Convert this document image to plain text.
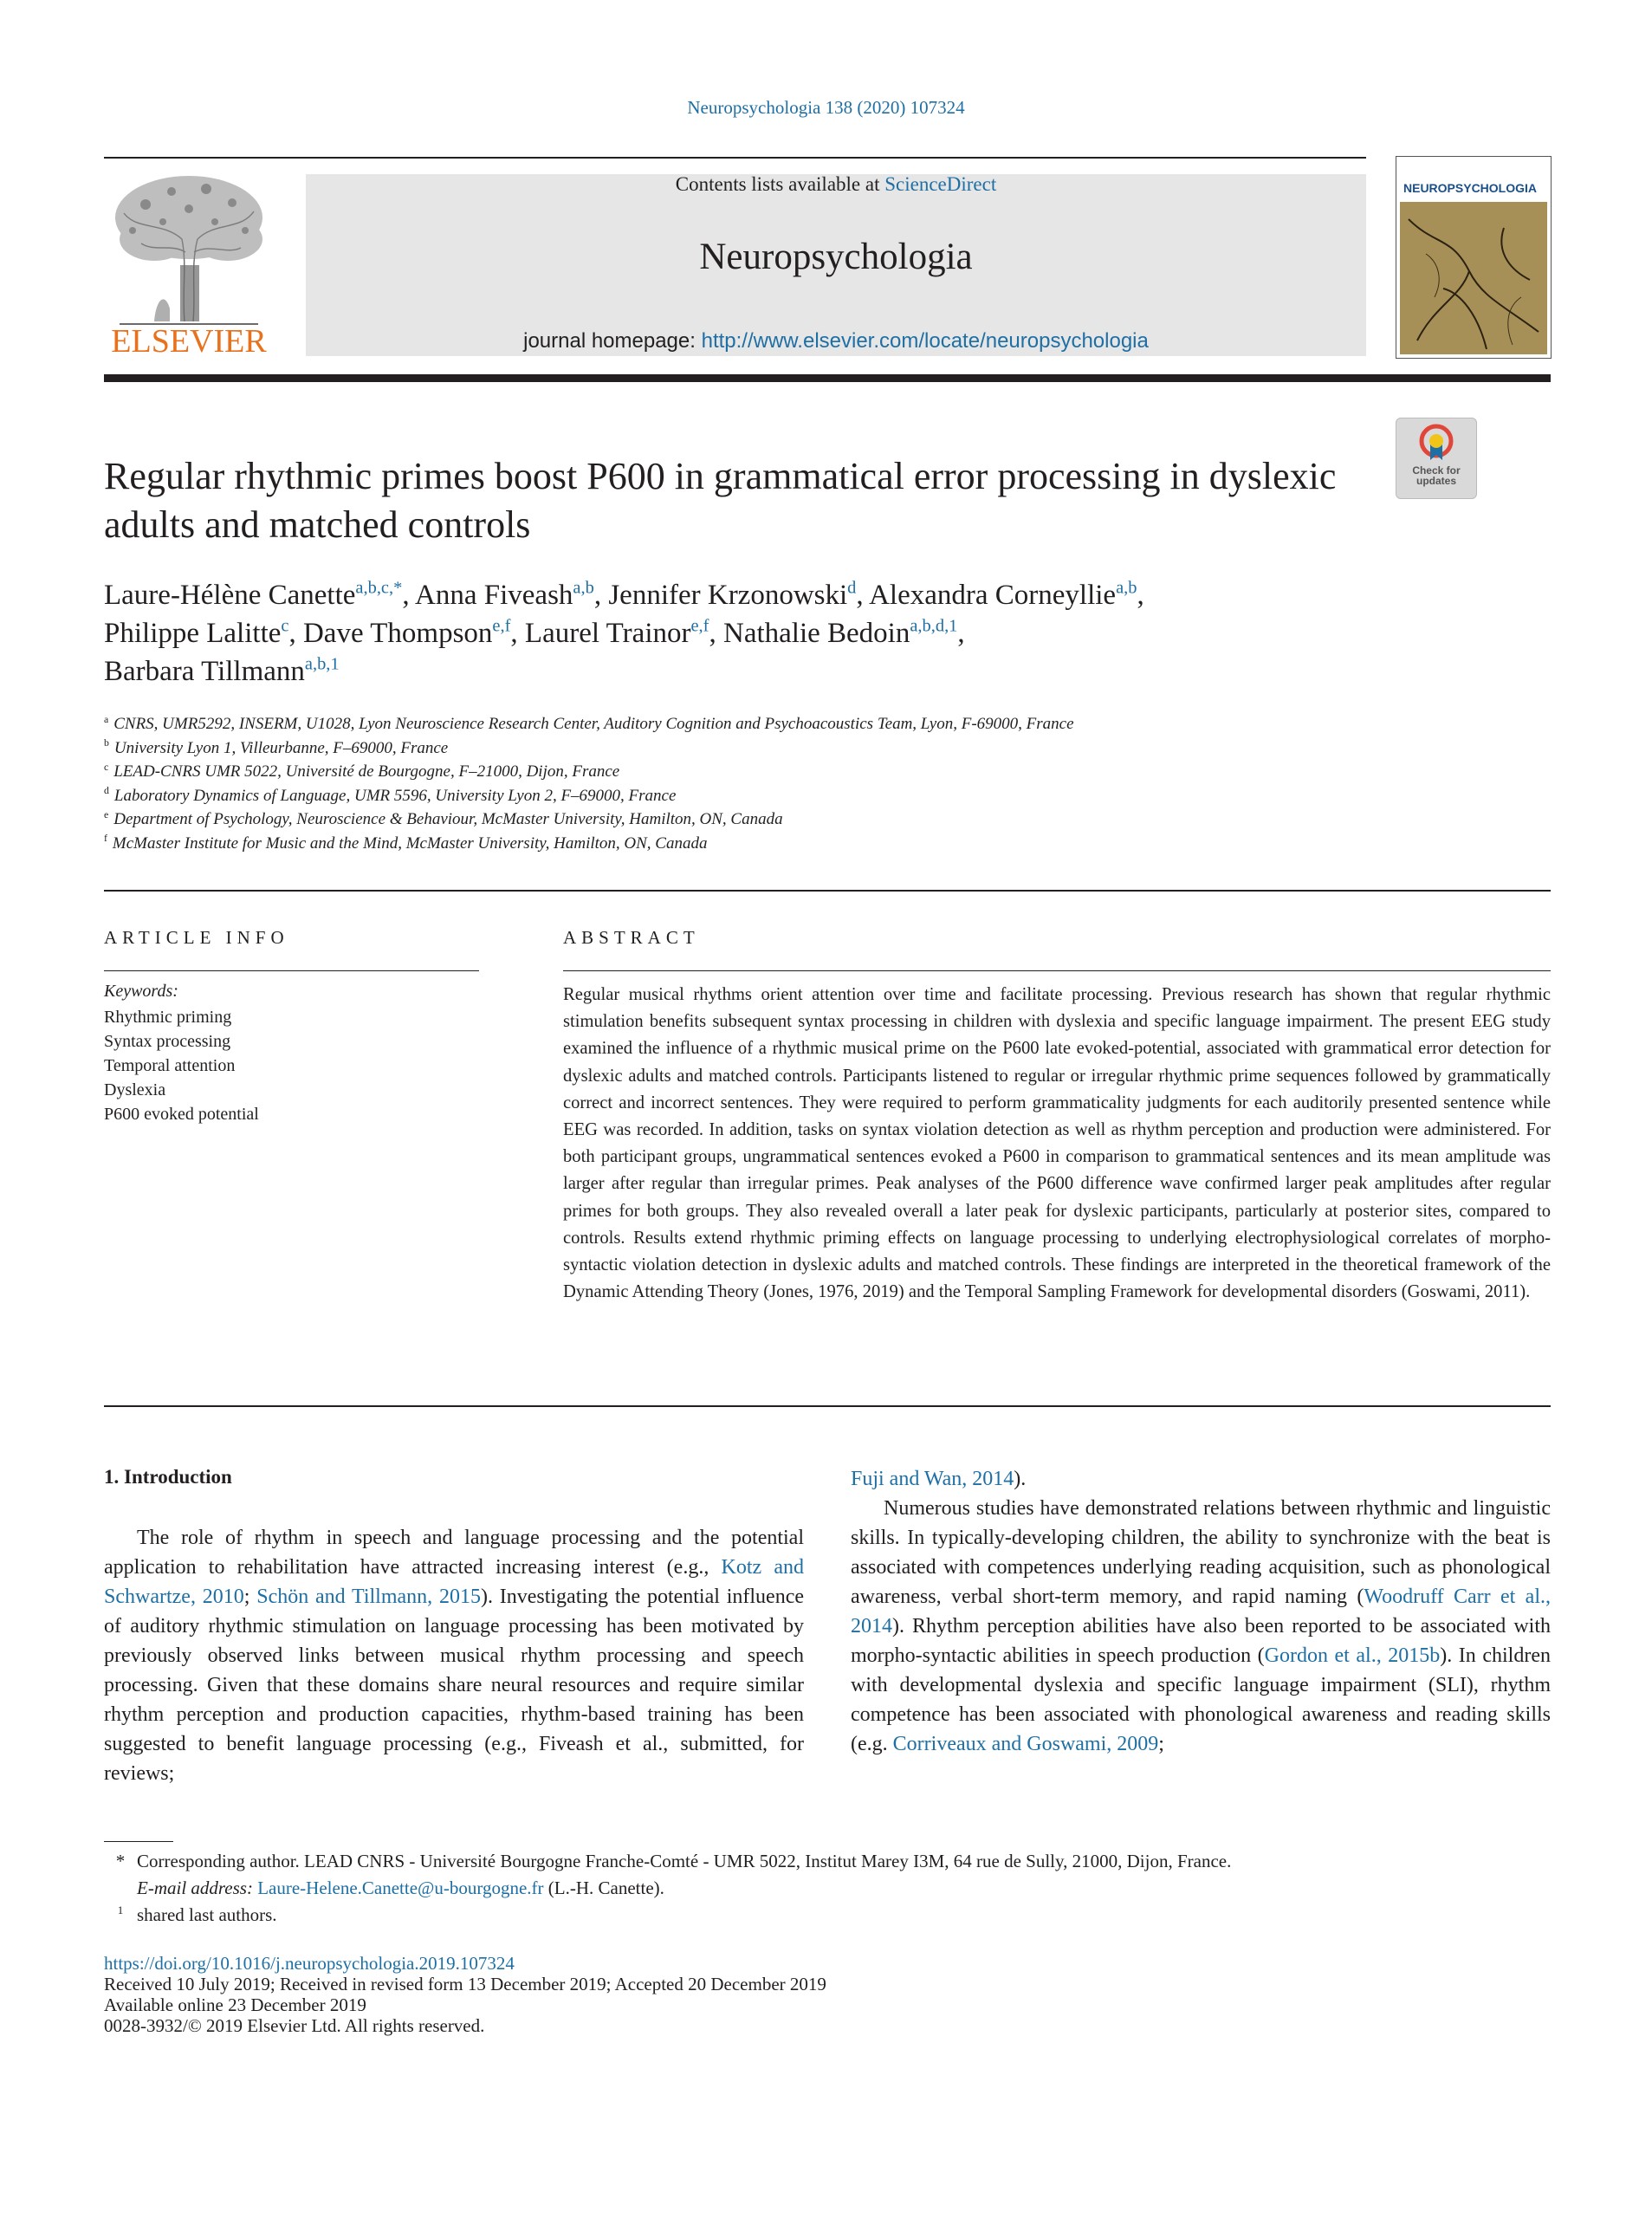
Neuropsychologia 138 (2020) 107324
ELSEVIER
Contents lists available at ScienceDirect
Neuropsychologia
journal homepage: http://www.elsevier.com/locate/neuropsychologia
NEUROPSYCHOLOGIA
Check for updates
Regular rhythmic primes boost P600 in grammatical error processing in dyslexic adults and matched controls
Laure-Hélène Canette$^{a,b,c,*}$, Anna Fiveash$^{a,b}$, Jennifer Krzonowski$^d$, Alexandra Corneyllie$^{a,b}$,
Philippe Lalitte$^c$, Dave Thompson$^{e,f}$, Laurel Trainor$^{e,f}$, Nathalie Bedoin$^{a,b,d,1}$,
Barbara Tillmann$^{a,b,1}$
$^a$ CNRS, UMR5292, INSERM, U1028, Lyon Neuroscience Research Center, Auditory Cognition and Psychoacoustics Team, Lyon, F-69000, France
$^b$ University Lyon 1, Villeurbanne, F–69000, France
$^c$ LEAD-CNRS UMR 5022, Université de Bourgogne, F–21000, Dijon, France
$^d$ Laboratory Dynamics of Language, UMR 5596, University Lyon 2, F–69000, France
$^e$ Department of Psychology, Neuroscience & Behaviour, McMaster University, Hamilton, ON, Canada
$^f$ McMaster Institute for Music and the Mind, McMaster University, Hamilton, ON, Canada
ARTICLE INFO	ABSTRACT
Keywords:
Rhythmic priming
Syntax processing
Temporal attention
Dyslexia
P600 evoked potential
Regular musical rhythms orient attention over time and facilitate processing. Previous research has shown that regular rhythmic stimulation benefits subsequent syntax processing in children with dyslexia and specific language impairment. The present EEG study examined the influence of a rhythmic musical prime on the P600 late evoked-potential, associated with grammatical error detection for dyslexic adults and matched controls. Participants listened to regular or irregular rhythmic prime sequences followed by grammatically correct and incorrect sentences. They were required to perform grammaticality judgments for each auditorily presented sentence while EEG was recorded. In addition, tasks on syntax violation detection as well as rhythm perception and production were administered. For both participant groups, ungrammatical sentences evoked a P600 in comparison to grammatical sentences and its mean amplitude was larger after regular than irregular primes. Peak analyses of the P600 difference wave confirmed larger peak amplitudes after regular primes for both groups. They also revealed overall a later peak for dyslexic participants, particularly at posterior sites, compared to controls. Results extend rhythmic priming effects on language processing to underlying electrophysiological correlates of morpho-syntactic violation detection in dyslexic adults and matched controls. These findings are interpreted in the theoretical framework of the Dynamic Attending Theory (Jones, 1976, 2019) and the Temporal Sampling Framework for developmental disorders (Goswami, 2011).
1. Introduction
The role of rhythm in speech and language processing and the potential application to rehabilitation have attracted increasing interest (e.g., Kotz and Schwartze, 2010; Schön and Tillmann, 2015). Investigating the potential influence of auditory rhythmic stimulation on language processing has been motivated by previously observed links between musical rhythm processing and speech processing. Given that these domains share neural resources and require similar rhythm perception and production capacities, rhythm-based training has been suggested to benefit language processing (e.g., Fiveash et al., submitted, for reviews;
Fuji and Wan, 2014).
Numerous studies have demonstrated relations between rhythmic and linguistic skills. In typically-developing children, the ability to synchronize with the beat is associated with competences underlying reading acquisition, such as phonological awareness, verbal short-term memory, and rapid naming (Woodruff Carr et al., 2014). Rhythm perception abilities have also been reported to be associated with morpho-syntactic abilities in speech production (Gordon et al., 2015b). In children with developmental dyslexia and specific language impairment (SLI), rhythm competence has been associated with phonological awareness and reading skills (e.g. Corriveaux and Goswami, 2009;
* Corresponding author. LEAD CNRS - Université Bourgogne Franche-Comté - UMR 5022, Institut Marey I3M, 64 rue de Sully, 21000, Dijon, France.
E-mail address: Laure-Helene.Canette@u-bourgogne.fr (L.-H. Canette).
$^1$ shared last authors.
https://doi.org/10.1016/j.neuropsychologia.2019.107324
Received 10 July 2019; Received in revised form 13 December 2019; Accepted 20 December 2019
Available online 23 December 2019
0028-3932/© 2019 Elsevier Ltd. All rights reserved.
